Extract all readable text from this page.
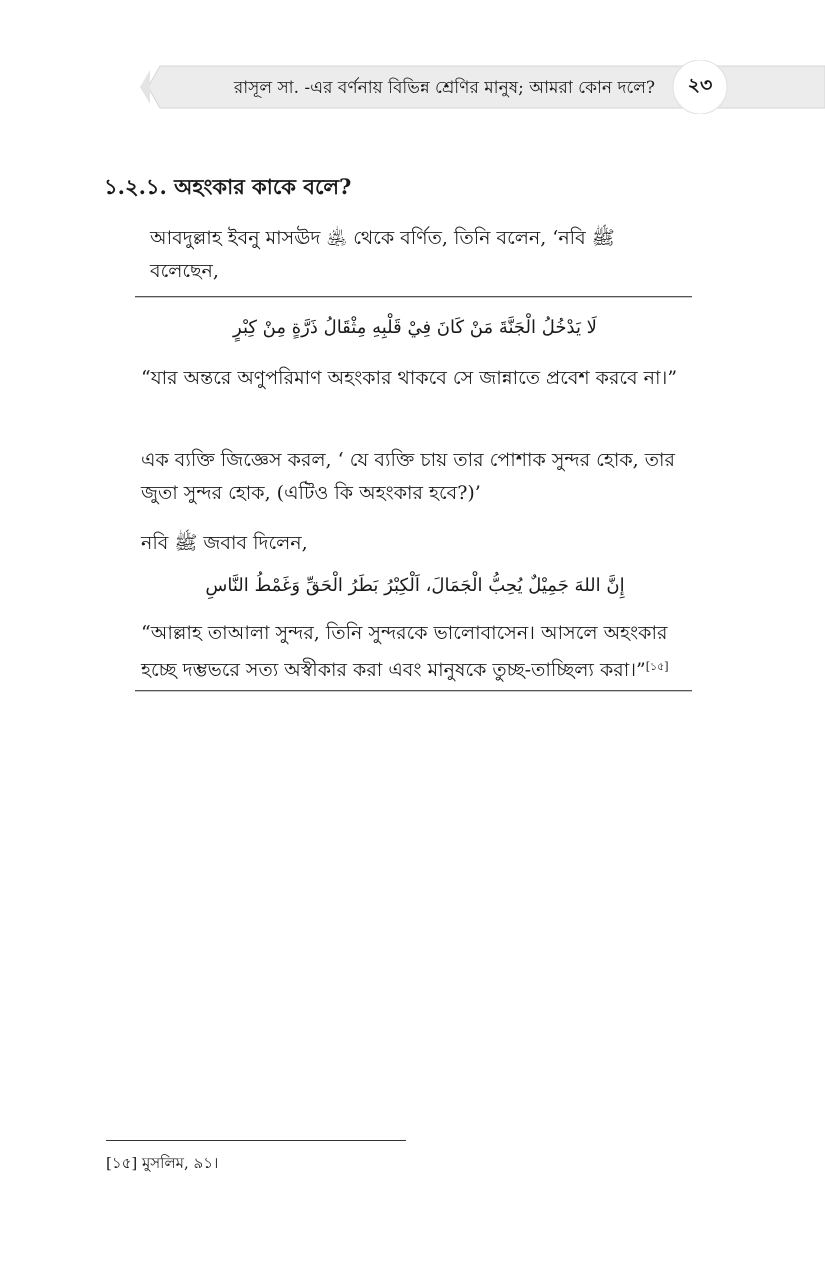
রাসূল সা. -এর বর্ণনায় বিভিন্ন শ্রেণির মানুষ; আমরা কোন দলে?	২৩
১.২.১. অহংকার কাকে বলে?
আবদুল্লাহ ইবনু মাসঊদ ﵁ থেকে বর্ণিত, তিনি বলেন, ‘নবি ﷺ বলেছেন,
لَا يَدْخُلُ الْجَنَّةَ مَنْ كَانَ فِيْ قَلْبِهِ مِثْقَالُ ذَرَّةٍ مِنْ كِبْرٍ
“যার অন্তরে অণুপরিমাণ অহংকার থাকবে সে জান্নাতে প্রবেশ করবে না।”
এক ব্যক্তি জিজ্ঞেস করল, ‘ যে ব্যক্তি চায় তার পোশাক সুন্দর হোক, তার জুতা সুন্দর হোক, (এটিও কি অহংকার হবে?)’
নবি ﷺ জবাব দিলেন,
إِنَّ اللهَ جَمِيْلٌ يُحِبُّ الْجَمَالَ، اَلْكِبْرُ بَطَرُ الْحَقِّ وَغَمْطُ النَّاسِ
“আল্লাহ তাআলা সুন্দর, তিনি সুন্দরকে ভালোবাসেন। আসলে অহংকার হচ্ছে দম্ভভরে সত্য অস্বীকার করা এবং মানুষকে তুচ্ছ-তাচ্ছিল্য করা।”[১৫]
[১৫] মুসলিম, ৯১।
